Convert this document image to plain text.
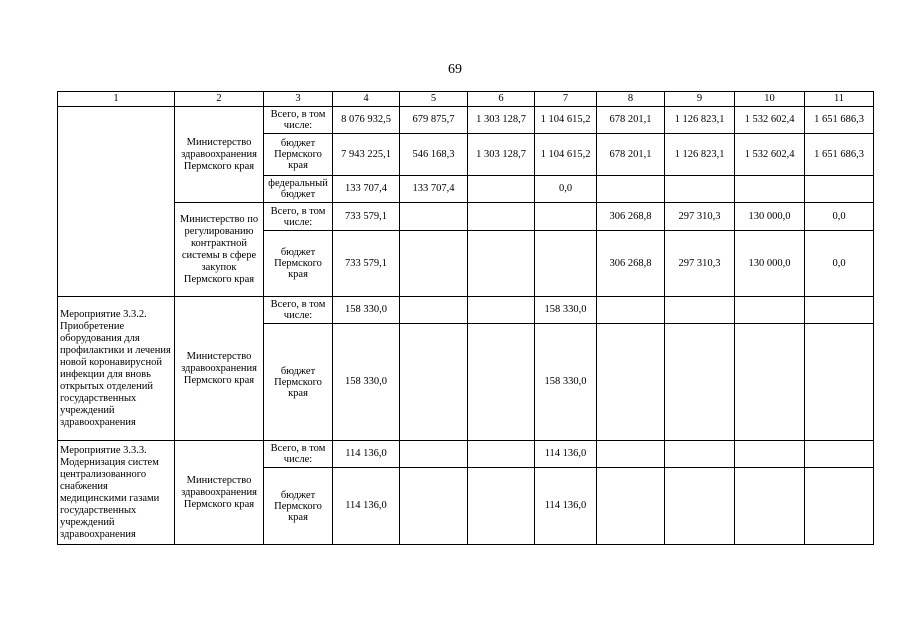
69
1	2	3	4	5	6	7	8	9	10	11
	Министерство здравоохранения Пермского края	Всего, в том числе:	8 076 932,5	679 875,7	1 303 128,7	1 104 615,2	678 201,1	1 126 823,1	1 532 602,4	1 651 686,3
		бюджет Пермского края	7 943 225,1	546 168,3	1 303 128,7	1 104 615,2	678 201,1	1 126 823,1	1 532 602,4	1 651 686,3
		федеральный бюджет	133 707,4	133 707,4		0,0				
	Министерство по регулированию контрактной системы в сфере закупок Пермского края	Всего, в том числе:	733 579,1				306 268,8	297 310,3	130 000,0	0,0
		бюджет Пермского края	733 579,1				306 268,8	297 310,3	130 000,0	0,0
Мероприятие 3.3.2. Приобретение оборудования для профилактики и лечения новой коронавирусной инфекции для вновь открытых отделений государственных учреждений здравоохранения	Министерство здравоохранения Пермского края	Всего, в том числе:	158 330,0			158 330,0				
		бюджет Пермского края	158 330,0			158 330,0				
Мероприятие 3.3.3. Модернизация систем централизованного снабжения медицинскими газами государственных учреждений здравоохранения	Министерство здравоохранения Пермского края	Всего, в том числе:	114 136,0			114 136,0				
		бюджет Пермского края	114 136,0			114 136,0				
